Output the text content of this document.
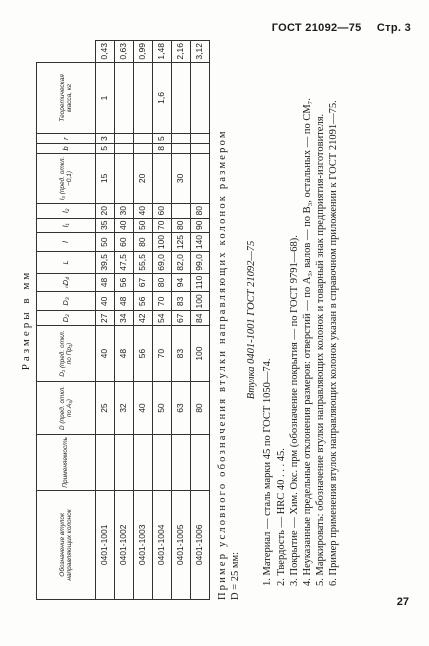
ГОСТ 21092—75 Стр. 3
Размеры в мм
Обозначение втулок направляющих колонок	Применяемость	D (пред. откл. по A₃)	D₁ (пред. откл. по Пр₁)	D₂	D₃	ₙD₄	L	l	l₁	l₂	l₃ (пред. откл. −0,1)	b	r	Теоретическая масса, кг	
0401-1001		25	40	27	40	48	39,5	50	35	20	15	5	3	1	0,43
0401-1002		32	48	34	48	56	47,5	60	40	30					0,63
0401-1003		40	56	42	56	67	55,5	80	50	40	20				0,99
0401-1004		50	70	54	70	80	69,0	100	70	60		8	5	1,6	1,48
0401-1005		63	83	67	83	94	82,0	125	80		30				2,16
0401-1006		80	100	84	100	110	99,0	140	90	80					3,12

Пример условного обозначения втулки направляющих колонок размером D = 25 мм:

Втулка 0401-1001 ГОСТ 21092—75

1. Материал — сталь марки 45 по ГОСТ 1050—74. 2. Твердость — HRC 40 . . . 45. 3. Покрытие — Хим. Окс. прм (обозначение покрытия — по ГОСТ 9791—68). 4. Неуказанные предельные отклонения размеров: отверстий — по A₃, валов — по B₃, остальных — по СМ₇. 5. Маркировать: обозначение втулки направляющих колонок и товарный знак предприятия-изготовителя. 6. Пример применения втулок направляющих колонок указан в справочном приложении к ГОСТ 21091—75.

27
